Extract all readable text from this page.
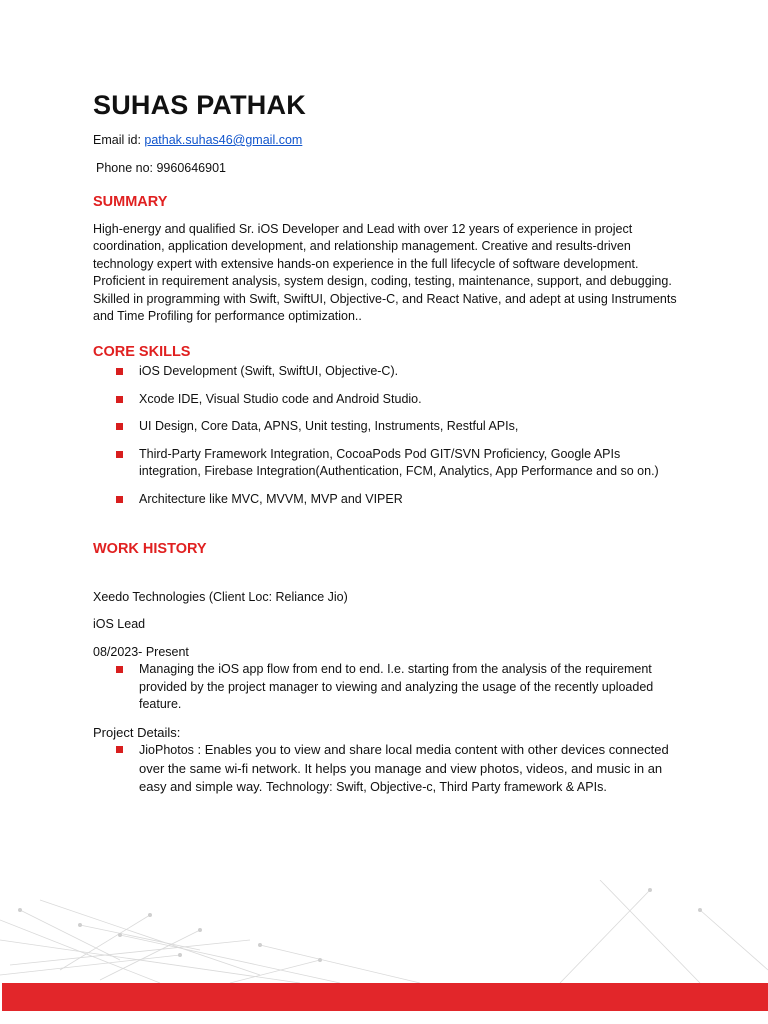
SUHAS PATHAK

Email id: pathak.suhas46@gmail.com

Phone no: 9960646901

SUMMARY

High-energy and qualified Sr. iOS Developer and Lead with over 12 years of experience in project coordination, application development, and relationship management. Creative and results-driven technology expert with extensive hands-on experience in the full lifecycle of software development. Proficient in requirement analysis, system design, coding, testing, maintenance, support, and debugging. Skilled in programming with Swift, SwiftUI, Objective-C, and React Native, and adept at using Instruments and Time Profiling for performance optimization..

CORE SKILLS
iOS Development (Swift, SwiftUI, Objective-C).
Xcode IDE, Visual Studio code and Android Studio.
UI Design, Core Data, APNS, Unit testing, Instruments, Restful APIs,
Third-Party Framework Integration, CocoaPods Pod GIT/SVN Proficiency, Google APIs integration, Firebase Integration(Authentication, FCM, Analytics, App Performance and so on.)
Architecture like MVC, MVVM, MVP and VIPER
WORK HISTORY

Xeedo Technologies (Client Loc: Reliance Jio)

iOS Lead

08/2023- Present

Managing the iOS app flow from end to end. I.e. starting from the analysis of the requirement provided by the project manager to viewing and analyzing the usage of the recently uploaded feature.

Project Details:

JioPhotos : Enables you to view and share local media content with other devices connected over the same wi-fi network. It helps you manage and view photos, videos, and music in an easy and simple way. Technology: Swift, Objective-c, Third Party framework & APIs.
